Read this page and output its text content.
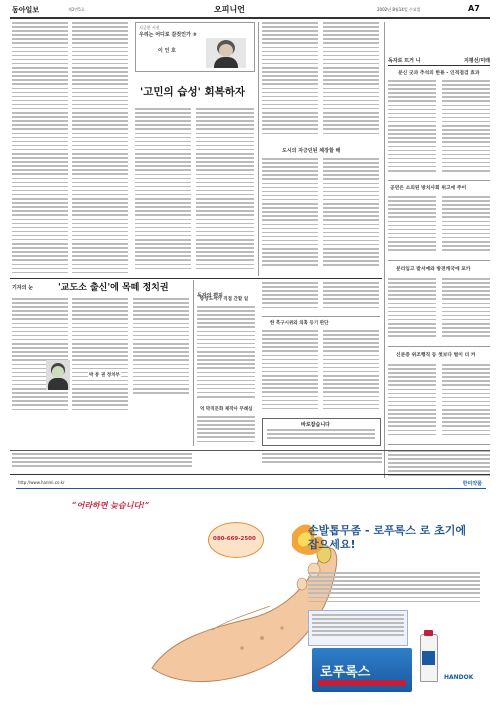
동아일보	제2만5호	오피니언	2002년 8월14일 수요일	A7
지긋한 시선
우리는 어디로 갈것인가 ③
이 인 호
'고민의 습성' 회복하자
도시의 자긍던된 체장할 해
독자로 뜨거 니	지평선/미래
분신 굿과 추석의 한용 - 인격점검 효과
공연은 소외된 방치사회 위고에 주어
분리입고 밭서예와 방전캐국에 포카
신분증 위조행직 등 첫보다 벌이 더 커
기자의 눈	'교도소 출신'에 목떼 정치권
박 봉 권 정치부
독자의 편지
중앙도시가 직접 간할 일
억 막직문화 제작사 무례심
한 흑구시위와 의혹 등기 판단
바로잡습니다
http://www.hanmi.co.kr	한미약품
“어라하면 늦습니다!”
손발톱무좀 - 로푸록스 로 초기에 잡으세요!
로푸록스	HANDOK
080-669-2500
